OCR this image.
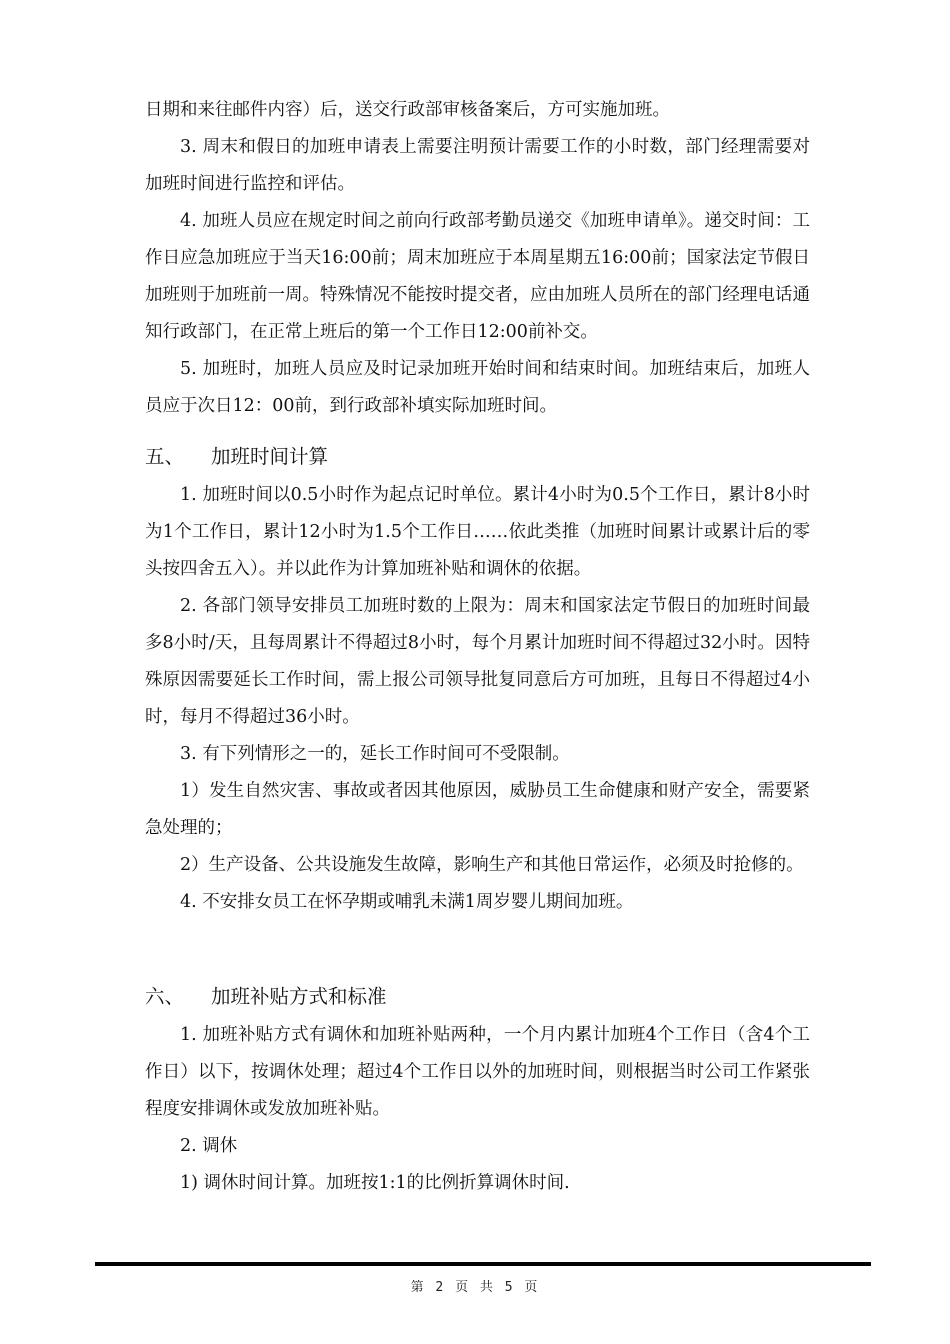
日期和来往邮件内容）后，送交行政部审核备案后，方可实施加班。

3. 周末和假日的加班申请表上需要注明预计需要工作的小时数，部门经理需要对加班时间进行监控和评估。

4. 加班人员应在规定时间之前向行政部考勤员递交《加班申请单》。递交时间：工作日应急加班应于当天16:00前；周末加班应于本周星期五16:00前；国家法定节假日加班则于加班前一周。特殊情况不能按时提交者，应由加班人员所在的部门经理电话通知行政部门，在正常上班后的第一个工作日12:00前补交。

5. 加班时，加班人员应及时记录加班开始时间和结束时间。加班结束后，加班人员应于次日12：00前，到行政部补填实际加班时间。

五、	加班时间计算

1. 加班时间以0.5小时作为起点记时单位。累计4小时为0.5个工作日，累计8小时为1个工作日，累计12小时为1.5个工作日……依此类推（加班时间累计或累计后的零头按四舍五入）。并以此作为计算加班补贴和调休的依据。

2. 各部门领导安排员工加班时数的上限为：周末和国家法定节假日的加班时间最多8小时/天，且每周累计不得超过8小时，每个月累计加班时间不得超过32小时。因特殊原因需要延长工作时间，需上报公司领导批复同意后方可加班，且每日不得超过4小时，每月不得超过36小时。

3. 有下列情形之一的，延长工作时间可不受限制。

1）发生自然灾害、事故或者因其他原因，威胁员工生命健康和财产安全，需要紧急处理的；

2）生产设备、公共设施发生故障，影响生产和其他日常运作，必须及时抢修的。

4. 不安排女员工在怀孕期或哺乳未满1周岁婴儿期间加班。

六、	加班补贴方式和标准

1. 加班补贴方式有调休和加班补贴两种，一个月内累计加班4个工作日（含4个工作日）以下，按调休处理；超过4个工作日以外的加班时间，则根据当时公司工作紧张程度安排调休或发放加班补贴。

2. 调休

1) 调休时间计算。加班按1:1的比例折算调休时间.

第 2 页 共 5 页
